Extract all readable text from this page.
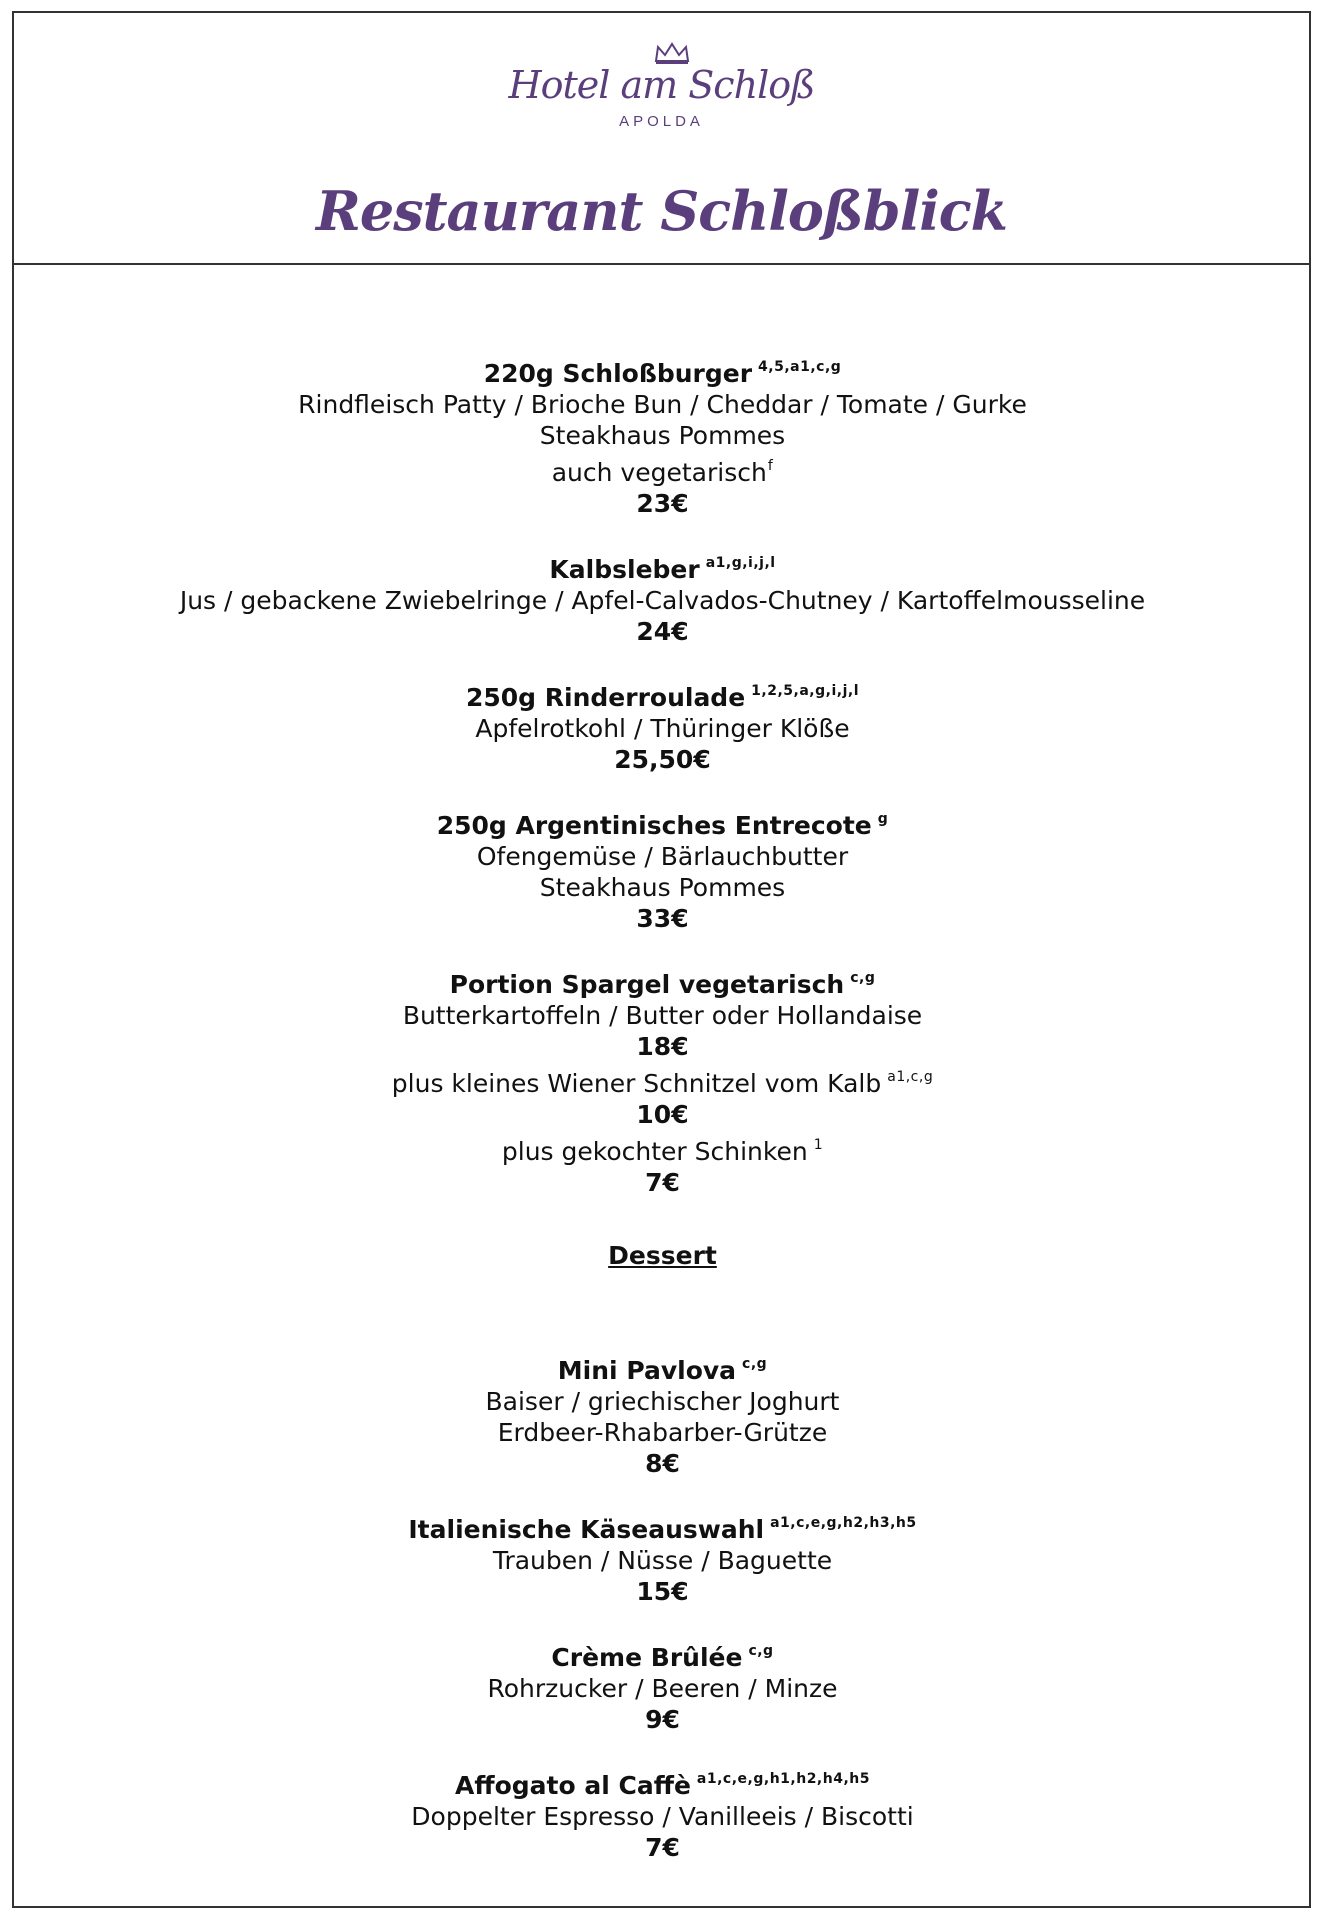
Hotel am Schloß
APOLDA
Restaurant Schloßblick
220g Schloßburger $^{4,5,a1,c,g}$
Rindfleisch Patty / Brioche Bun / Cheddar / Tomate / Gurke
Steakhaus Pommes
auch vegetarisch$^f$
23€
Kalbsleber $^{a1,g,i,j,l}$
Jus / gebackene Zwiebelringe / Apfel-Calvados-Chutney / Kartoffelmousseline
24€
250g Rinderroulade $^{1,2,5,a,g,i,j,l}$
Apfelrotkohl / Thüringer Klöße
25,50€
250g Argentinisches Entrecote $^g$
Ofengemüse / Bärlauchbutter
Steakhaus Pommes
33€
Portion Spargel vegetarisch $^{c,g}$
Butterkartoffeln / Butter oder Hollandaise
18€
plus kleines Wiener Schnitzel vom Kalb $^{a1,c,g}$
10€
plus gekochter Schinken $^1$
7€
Dessert
Mini Pavlova $^{c,g}$
Baiser / griechischer Joghurt
Erdbeer-Rhabarber-Grütze
8€
Italienische Käseauswahl $^{a1,c,e,g,h2,h3,h5}$
Trauben / Nüsse / Baguette
15€
Crème Brûlée $^{c,g}$
Rohrzucker / Beeren / Minze
9€
Affogato al Caffè $^{a1,c,e,g,h1,h2,h4,h5}$
Doppelter Espresso / Vanilleeis / Biscotti
7€
